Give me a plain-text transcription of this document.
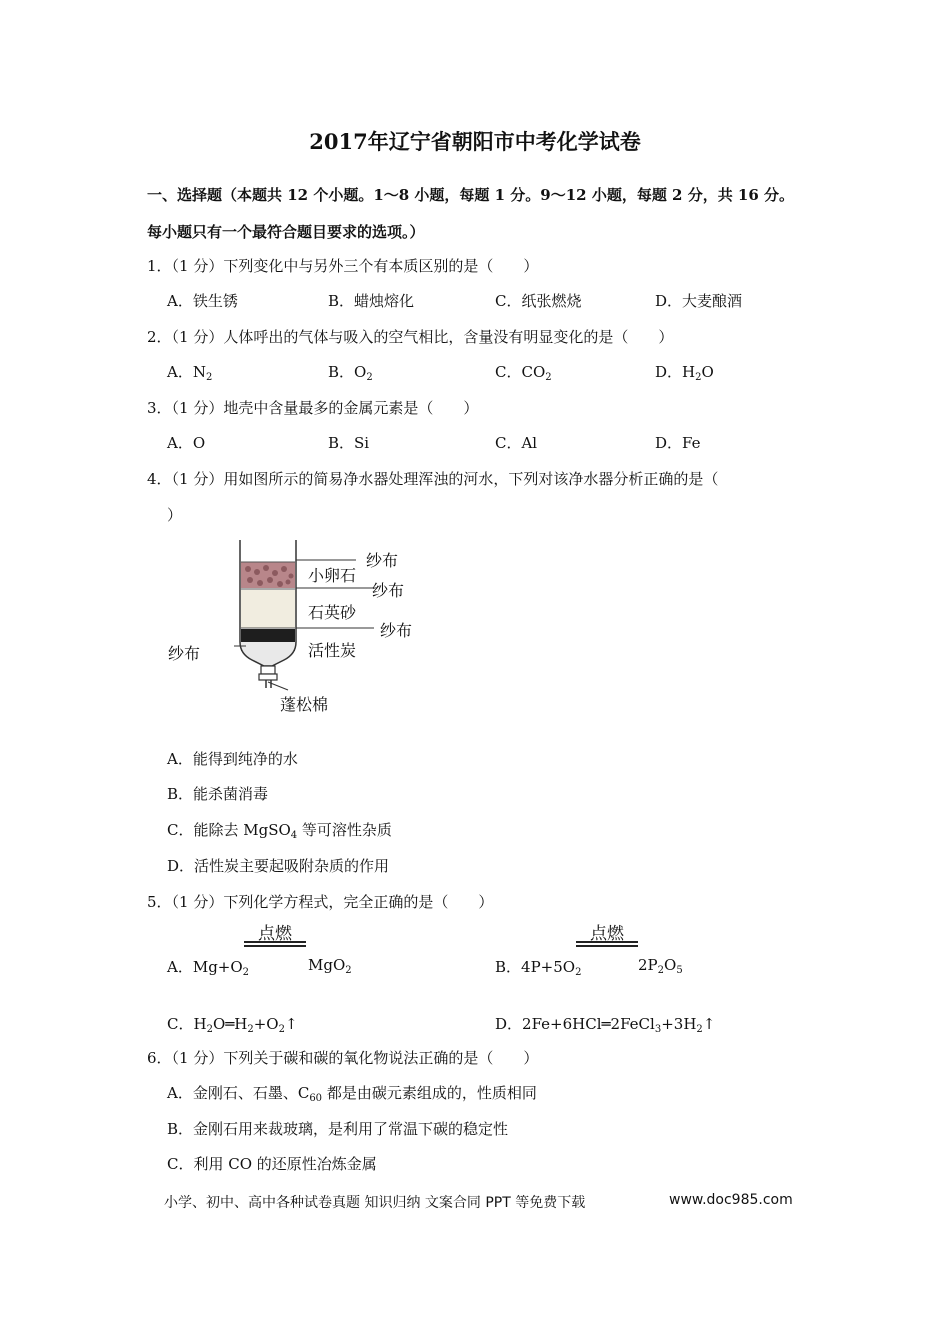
2017年辽宁省朝阳市中考化学试卷
一、选择题（本题共 12 个小题。1～8 小题，每题 1 分。9～12 小题，每题 2 分，共 16 分。
每小题只有一个最符合题目要求的选项。）
1．（1 分）下列变化中与另外三个有本质区别的是（　　）
A．铁生锈	B．蜡烛熔化	C．纸张燃烧	D．大麦酿酒
2．（1 分）人体呼出的气体与吸入的空气相比，含量没有明显变化的是（　　）
A．$N_2$	B．$O_2$	C．$CO_2$	D．$H_2O$
3．（1 分）地壳中含量最多的金属元素是（　　）
A．O	B．Si	C．Al	D．Fe
4．（1 分）用如图所示的简易净水器处理浑浊的河水，下列对该净水器分析正确的是（
）
纱布
小卵石
纱布
石英砂
纱布
活性炭
纱布
蓬松棉
A．能得到纯净的水
B．能杀菌消毒
C．能除去 MgSO$_4$ 等可溶性杂质
D．活性炭主要起吸附杂质的作用
5．（1 分）下列化学方程式，完全正确的是（　　）
点燃
A．$Mg+O_2$	MgO$_2$
点燃
B．$4P+5O_2$	$2P_2O_5$
C．$H_2O═H_2+O_2↑$	D．$2Fe+6HCl═2FeCl_3+3H_2↑$
6．（1 分）下列关于碳和碳的氧化物说法正确的是（　　）
A．金刚石、石墨、$C_{60}$ 都是由碳元素组成的，性质相同
B．金刚石用来裁玻璃，是利用了常温下碳的稳定性
C．利用 CO 的还原性冶炼金属
小学、初中、高中各种试卷真题 知识归纳 文案合同 PPT 等免费下载	www.doc985.com
